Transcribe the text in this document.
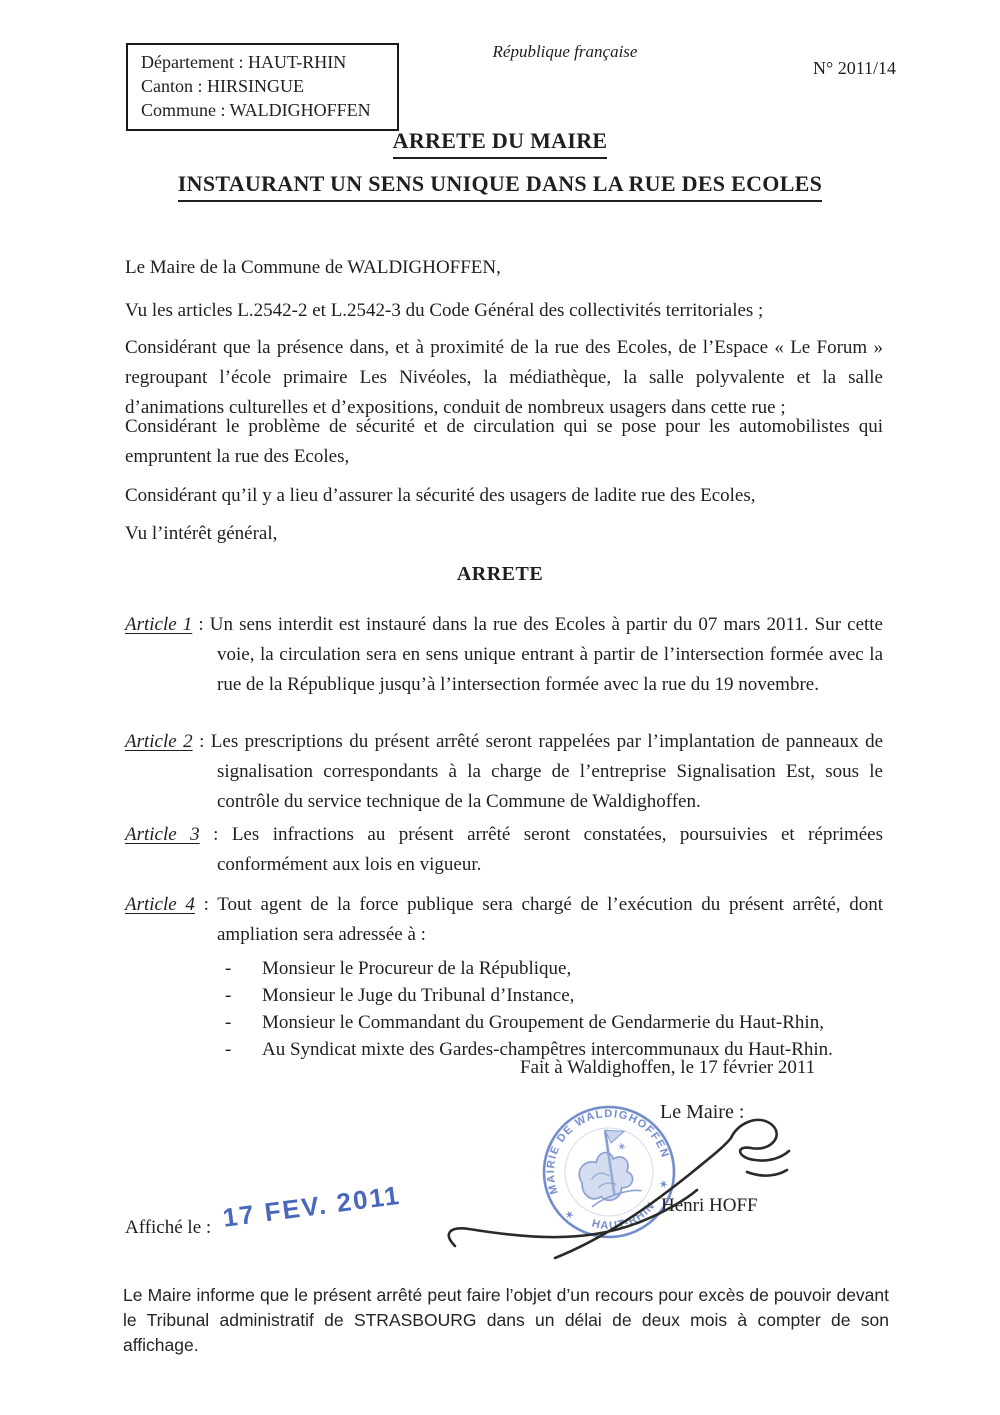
Département : HAUT-RHIN
Canton : HIRSINGUE
Commune : WALDIGHOFFEN
République française
N° 2011/14
ARRETE DU MAIRE
INSTAURANT UN SENS UNIQUE DANS LA RUE DES ECOLES
Le Maire de la Commune de WALDIGHOFFEN,
Vu les articles L.2542-2 et L.2542-3 du Code Général des collectivités territoriales ;
Considérant que la présence dans, et à proximité de la rue des Ecoles, de l’Espace « Le Forum » regroupant l’école primaire Les Nivéoles, la médiathèque, la salle polyvalente et la salle d’animations culturelles et d’expositions, conduit de nombreux usagers dans cette rue ;
Considérant le problème de sécurité et de circulation qui se pose pour les automobilistes qui empruntent la rue des Ecoles,
Considérant qu’il y a lieu d’assurer la sécurité des usagers de ladite rue des Ecoles,
Vu l’intérêt général,
ARRETE
Article 1 : Un sens interdit est instauré dans la rue des Ecoles à partir du 07 mars 2011. Sur cette voie, la circulation sera en sens unique entrant à partir de l’intersection formée avec la rue de la République jusqu’à l’intersection formée avec la rue du 19 novembre.
Article 2 : Les prescriptions du présent arrêté seront rappelées par l’implantation de panneaux de signalisation correspondants à la charge de l’entreprise Signalisation Est, sous le contrôle du service technique de la Commune de Waldighoffen.
Article 3 : Les infractions au présent arrêté seront constatées, poursuivies et réprimées conformément aux lois en vigueur.
Article 4 : Tout agent de la force publique sera chargé de l’exécution du présent arrêté, dont ampliation sera adressée à :
-	Monsieur le Procureur de la République,
-	Monsieur le Juge du Tribunal d’Instance,
-	Monsieur le Commandant du Groupement de Gendarmerie du Haut-Rhin,
-	Au Syndicat mixte des Gardes-champêtres intercommunaux du Haut-Rhin.
Fait à Waldighoffen, le 17 février 2011
Le Maire :
Henri HOFF
Affiché le : 17 FEV. 2011	MAIRIE DE WALDIGHOFFEN
HAUT-RHIN
✶
✶
✶
Le Maire informe que le présent arrêté peut faire l’objet d’un recours pour excès de pouvoir devant le Tribunal administratif de STRASBOURG dans un délai de deux mois à compter de son affichage.
